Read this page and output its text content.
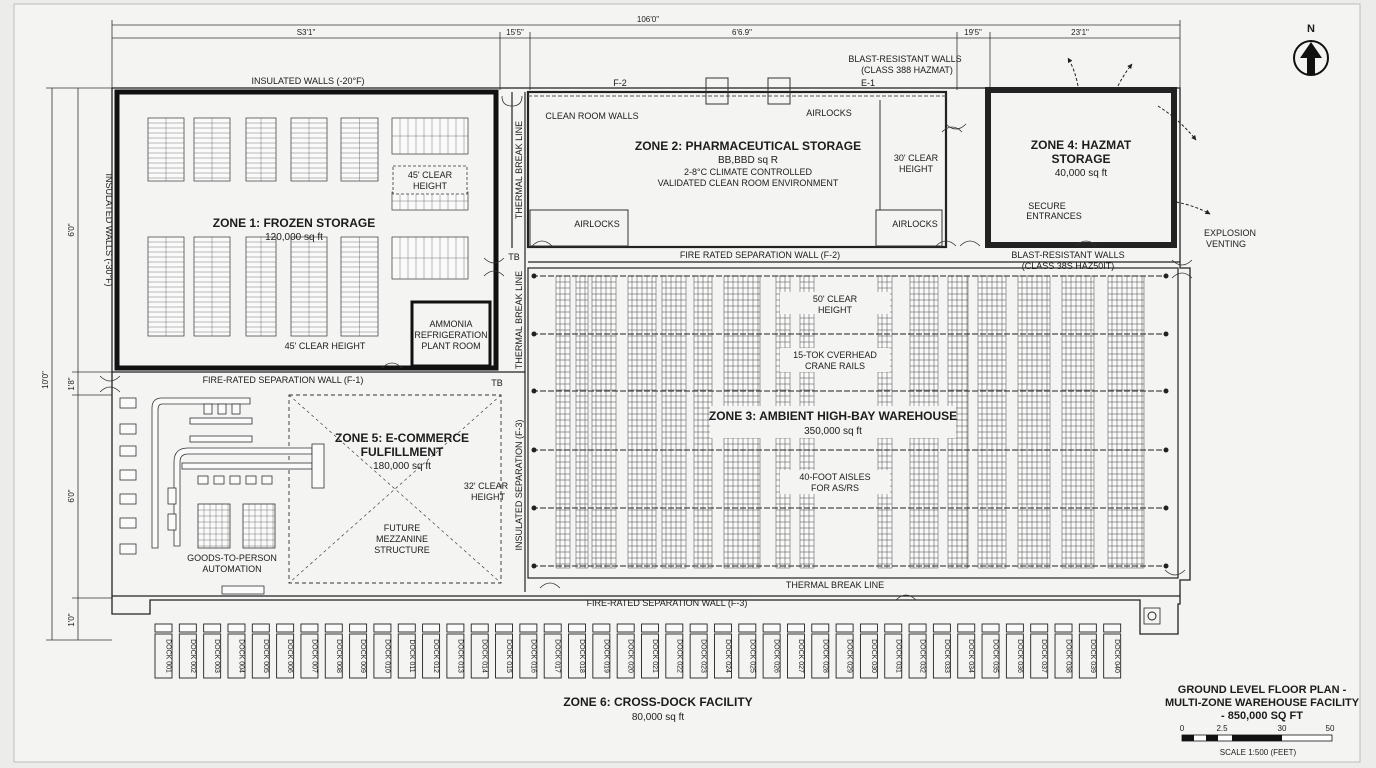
106'0"
S3'1"	15'5"	6'6.9"	19'5"	23'1"
10'0"
6'0"
1'8"
6'0"
1'0"
N
45' CLEAR
HEIGHT
ZONE 1: FROZEN STORAGE
120,000 sq ft
45' CLEAR HEIGHT
INSULATED WALLS (-20°F)
INSULATED WALLS (-30°F)
AMMONIA
REFRIGERATION
PLANT ROOM
FIRE-RATED SEPARATION WALL (F-1)
THERMAL BREAK LINE
THERMAL BREAK LINE
TB
TB
INSULATED SEPARATION (F-3)
F-2	E-1
CLEAN ROOM WALLS	AIRLOCKS
AIRLOCKS	AIRLOCKS
ZONE 2: PHARMACEUTICAL STORAGE
BB,BBD sq R
2-8°C CLIMATE CONTROLLED
VALIDATED CLEAN ROOM ENVIRONMENT
30' CLEAR
HEIGHT
ZONE 4: HAZMAT
STORAGE
40,000 sq ft
SECURE
ENTRANCES
BLAST-RESISTANT WALLS
(CLASS 388 HAZMAT)
BLAST-RESISTANT WALLS
(CLASS 38S HAZ50IT)
EXPLOSION
VENTING
FIRE RATED SEPARATION WALL (F-2)
50' CLEAR
HEIGHT
15-TOK CVERHEAD
CRANE RAILS
ZONE 3: AMBIENT HIGH-BAY WAREHOUSE
350,000 sq ft
40-FOOT AISLES
FOR AS/RS
THERMAL BREAK LINE
ZONE 5: E-COMMERCE
FULFILLMENT
180,000 sq ft
32' CLEAR
HEIGHT
FUTURE
MEZZANINE
STRUCTURE
GOODS-TO-PERSON
AUTOMATION
FIRE-RATED SEPARATION WALL (F-3)
DOCK 001 DOCK 002 DOCK 003 DOCK 004 DOCK 005 DOCK 006 DOCK 007 DOCK 008 DOCK 009 DOCK 010 DOCK 011 DOCK 012 DOCK 013 DOCK 014 DOCK 015 DOCK 016 DOCK 017 DOCK 018 DOCK 019 DOCK 020 DOCK 021 DOCK 022 DOCK 023 DOCK 024 DOCK 025 DOCK 026 DOCK 027 DOCK 028 DOCK 029 DOCK 030 DOCK 031 DOCK 032 DOCK 033 DOCK 034 DOCK 035 DOCK 036 DOCK 037 DOCK 038 DOCK 039 DOCK 040
ZONE 6: CROSS-DOCK FACILITY
80,000 sq ft
GROUND LEVEL FLOOR PLAN -
MULTI-ZONE WAREHOUSE FACILITY
- 850,000 SQ FT
0	2.5	30	50
SCALE 1:500 (FEET)
